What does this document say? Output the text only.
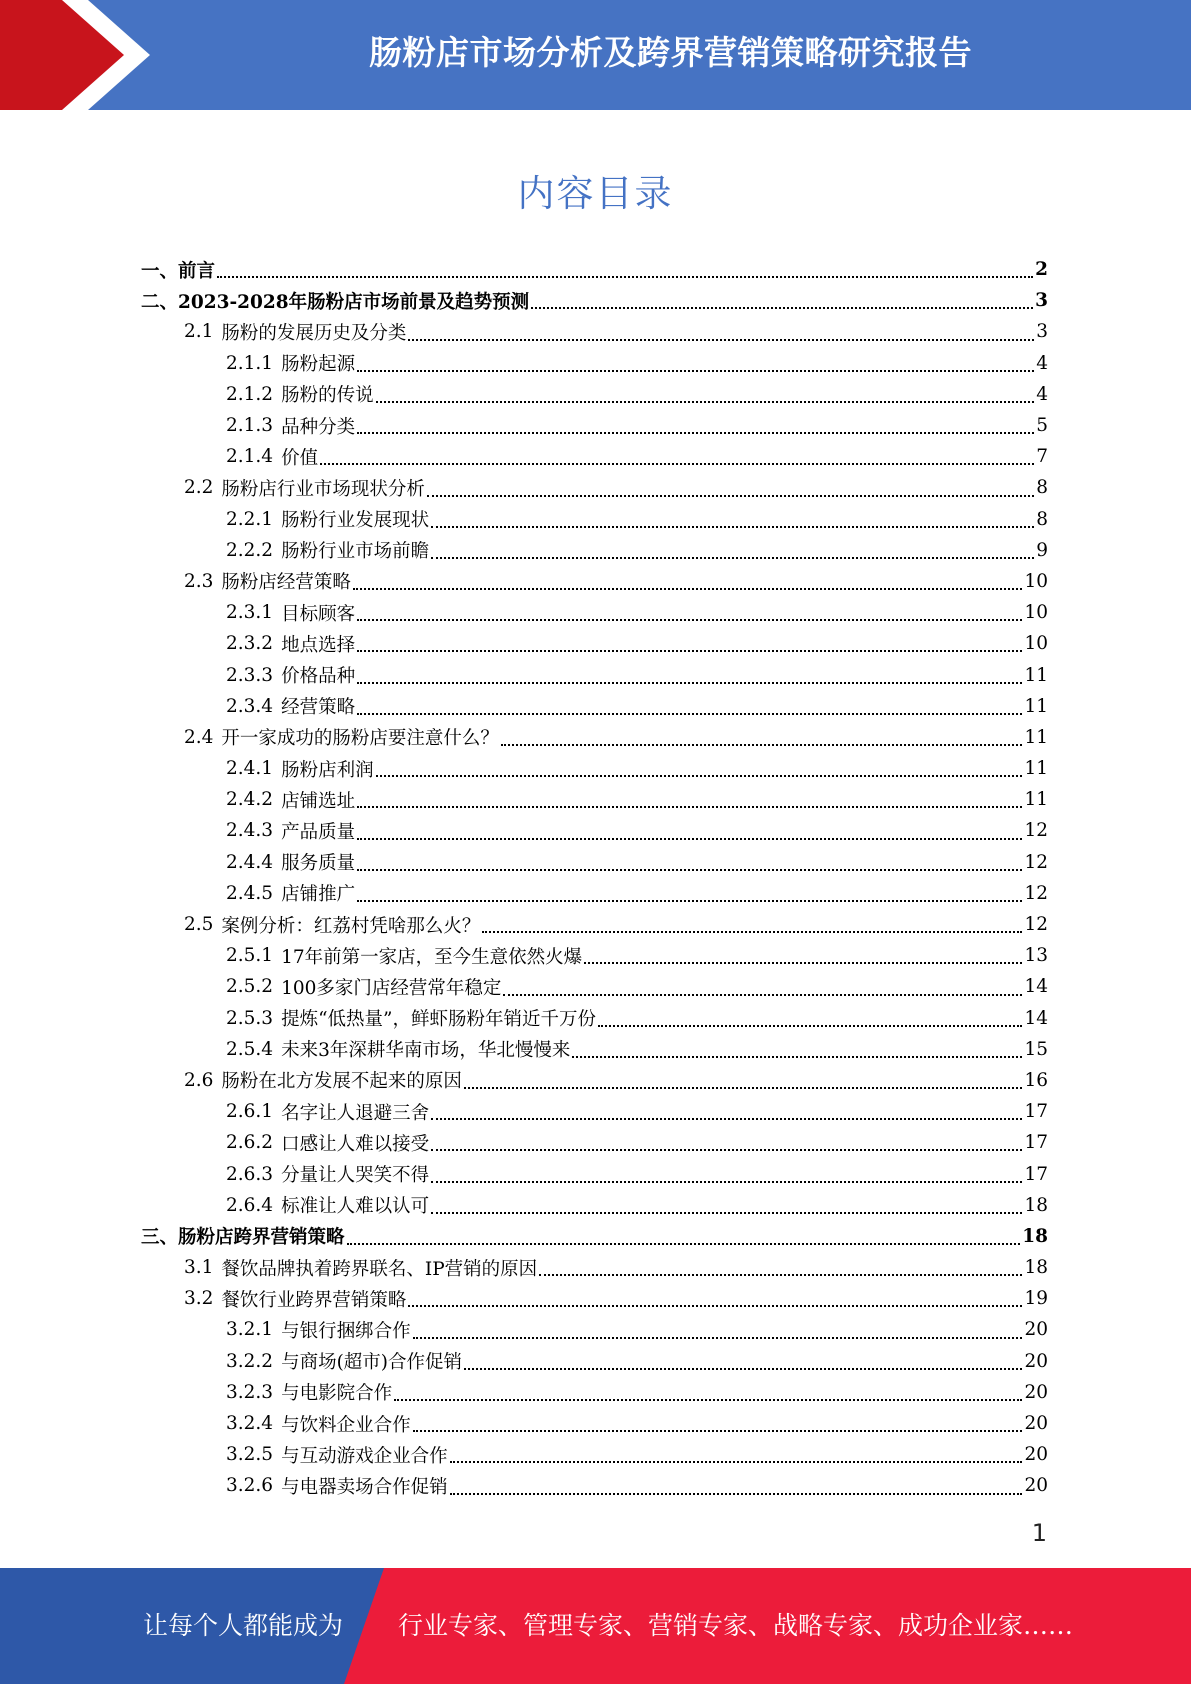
肠粉店市场分析及跨界营销策略研究报告
内容目录
一、 前言	2
二、 2023-2028年肠粉店市场前景及趋势预测	3
2.1 肠粉的发展历史及分类	3
2.1.1 肠粉起源	4
2.1.2 肠粉的传说	4
2.1.3 品种分类	5
2.1.4 价值	7
2.2 肠粉店行业市场现状分析	8
2.2.1 肠粉行业发展现状	8
2.2.2 肠粉行业市场前瞻	9
2.3 肠粉店经营策略	10
2.3.1 目标顾客	10
2.3.2 地点选择	10
2.3.3 价格品种	11
2.3.4 经营策略	11
2.4 开一家成功的肠粉店要注意什么？	11
2.4.1 肠粉店利润	11
2.4.2 店铺选址	11
2.4.3 产品质量	12
2.4.4 服务质量	12
2.4.5 店铺推广	12
2.5 案例分析：红荔村凭啥那么火？	12
2.5.1 17年前第一家店，至今生意依然火爆	13
2.5.2 100多家门店经营常年稳定	14
2.5.3 提炼“低热量”，鲜虾肠粉年销近千万份	14
2.5.4 未来3年深耕华南市场，华北慢慢来	15
2.6 肠粉在北方发展不起来的原因	16
2.6.1 名字让人退避三舍	17
2.6.2 口感让人难以接受	17
2.6.3 分量让人哭笑不得	17
2.6.4 标准让人难以认可	18
三、 肠粉店跨界营销策略	18
3.1 餐饮品牌执着跨界联名、IP营销的原因	18
3.2 餐饮行业跨界营销策略	19
3.2.1 与银行捆绑合作	20
3.2.2 与商场(超市)合作促销	20
3.2.3 与电影院合作	20
3.2.4 与饮料企业合作	20
3.2.5 与互动游戏企业合作	20
3.2.6 与电器卖场合作促销	20
1
让每个人都能成为 行业专家、管理专家、营销专家、战略专家、成功企业家……
